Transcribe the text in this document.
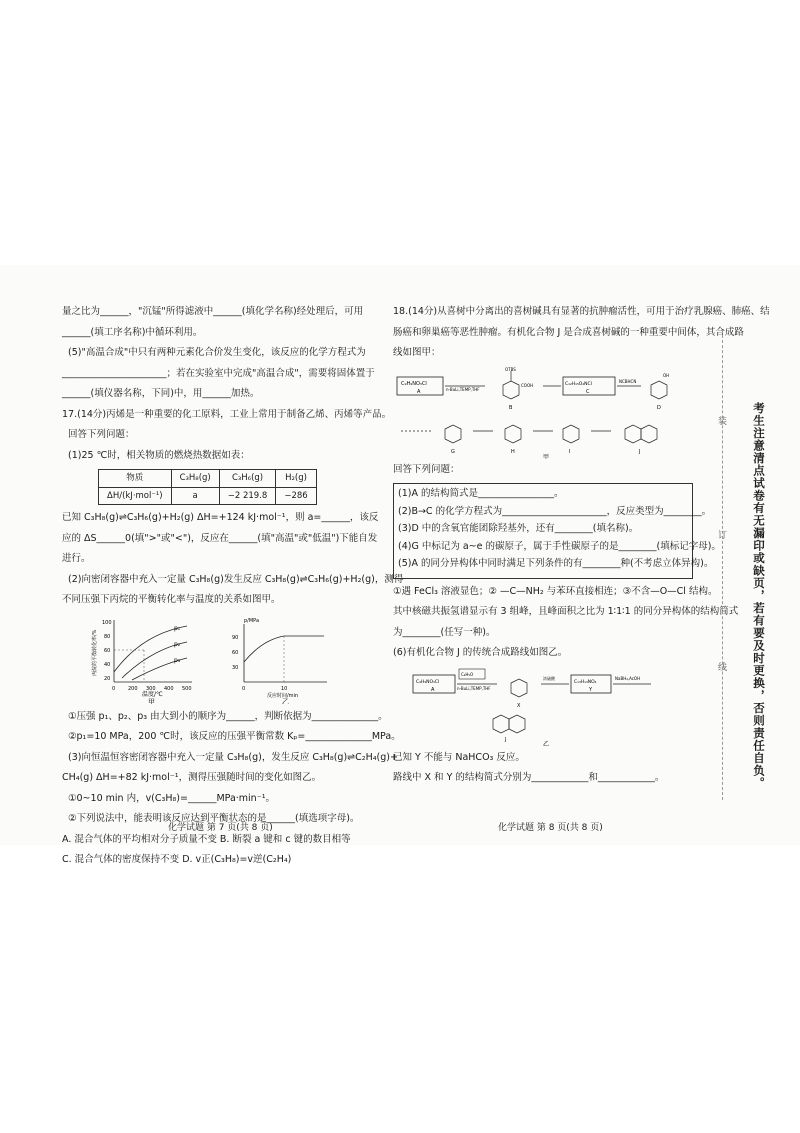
量之比为______，"沉锰"所得滤液中______(填化学名称)经处理后，可用
______(填工序名称)中循环利用。
(5)"高温合成"中只有两种元素化合价发生变化，该反应的化学方程式为
______________________；若在实验室中完成"高温合成"，需要将固体置于
______(填仪器名称，下同)中，用______加热。
17.(14分)丙烯是一种重要的化工原料，工业上常用于制备乙烯、丙烯等产品。
回答下列问题：
(1)25 ℃时，相关物质的燃烧热数据如表：
物质	C₃H₈(g)	C₃H₆(g)	H₂(g)
ΔH/(kJ·mol⁻¹)	a	−2 219.8	−286
已知 C₃H₈(g)⇌C₃H₆(g)+H₂(g) ΔH=+124 kJ·mol⁻¹，则 a=______，该反
应的 ΔS______0(填">"或"<")，反应在______(填"高温"或"低温")下能自发
进行。
(2)向密闭容器中充入一定量 C₃H₈(g)发生反应 C₃H₈(g)⇌C₃H₆(g)+H₂(g)，测得
不同压强下丙烷的平衡转化率与温度的关系如图甲。
p₁
p₂
p₃
20
40
60
80
100
0	200 300 400 500
温度/℃
甲
丙烷的平衡转化率/%
p/MPa
90
60
30
0	10
反应时间/min
乙
①压强 p₁、p₂、p₃ 由大到小的顺序为______，判断依据为______________。
②p₁=10 MPa，200 ℃时，该反应的压强平衡常数 Kₚ=______________MPa。
(3)向恒温恒容密闭容器中充入一定量 C₃H₈(g)，发生反应 C₃H₈(g)⇌C₂H₄(g)+
CH₄(g) ΔH=+82 kJ·mol⁻¹，测得压强随时间的变化如图乙。
①0~10 min 内，v(C₃H₈)=______MPa·min⁻¹。
②下列说法中，能表明该反应达到平衡状态的是______(填选项字母)。
A. 混合气体的平均相对分子质量不变 B. 断裂 a 键和 c 键的数目相等
C. 混合气体的密度保持不变 D. v正(C₃H₈)=v逆(C₂H₄)
化学试题 第 7 页(共 8 页)
18.(14分)从喜树中分离出的喜树碱具有显著的抗肿瘤活性，可用于治疗乳腺癌、肺癌、结
肠癌和卵巢癌等恶性肿瘤。有机化合物 J 是合成喜树碱的一种重要中间体，其合成路
线如图甲：
C₉H₉NO₃Cl
A	n-BuLi,TEMP,THF
OTBS
COOH
B
C₁₂H₁₅O₄NCl
C
NCBHCN
OH
D
G	H	I	J
甲
回答下列问题：
(1)A 的结构简式是________________。
(2)B→C 的化学方程式为______________________，反应类型为________。
(3)D 中的含氧官能团除羟基外，还有________(填名称)。
(4)G 中标记为 a~e 的碳原子，属于手性碳原子的是________(填标记字母)。
(5)A 的同分异构体中同时满足下列条件的有________种(不考虑立体异构)。
①遇 FeCl₃ 溶液显色；② —C—NH₂ 与苯环直接相连；③不含—O—Cl 结构。
其中核磁共振氢谱显示有 3 组峰，且峰面积之比为 1∶1∶1 的同分异构体的结构简式
为________(任写一种)。
(6)有机化合物 J 的传统合成路线如图乙。
C₉H₉NO₃Cl
A
C₂H₅O
n-BuLi,TEMP,THF
X
浓硫酸
C₁₃H₁₃NO₄
Y
NaBH₄,AcOH
J
乙
已知 Y 不能与 NaHCO₃ 反应。
路线中 X 和 Y 的结构简式分别为____________和____________。
化学试题 第 8 页(共 8 页)
装
订
线	考生注意清点试卷有无漏印或缺页，若有要及时更换，否则责任自负。
